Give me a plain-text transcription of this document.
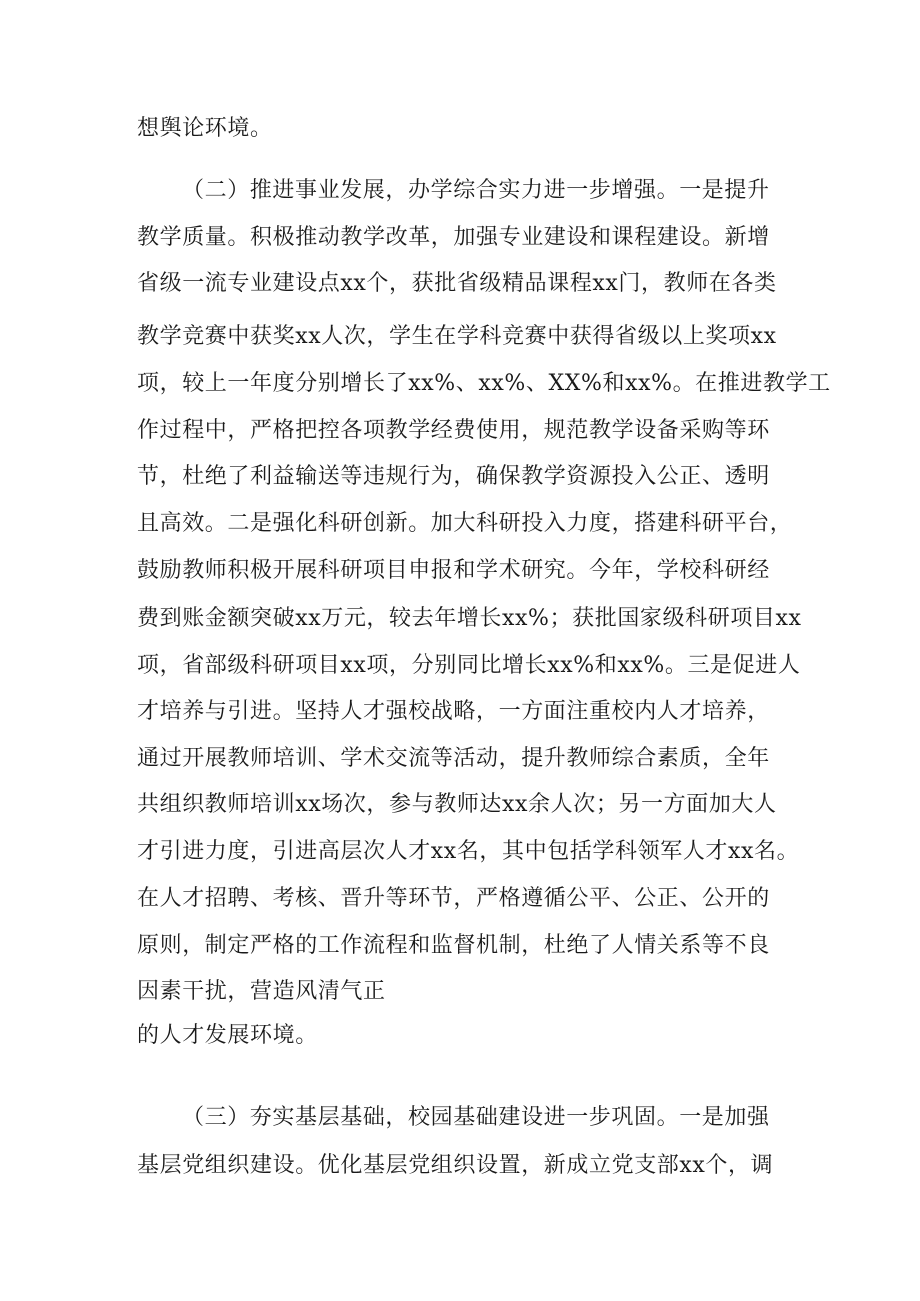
想舆论环境。
（二）推进事业发展，办学综合实力进一步增强。一是提升
教学质量。积极推动教学改革，加强专业建设和课程建设。新增
省级一流专业建设点xx个，获批省级精品课程xx门，教师在各类
教学竞赛中获奖xx人次，学生在学科竞赛中获得省级以上奖项xx
项，较上一年度分别增长了xx%、xx%、XX%和xx%。在推进教学工
作过程中，严格把控各项教学经费使用，规范教学设备采购等环
节，杜绝了利益输送等违规行为，确保教学资源投入公正、透明
且高效。二是强化科研创新。加大科研投入力度，搭建科研平台，
鼓励教师积极开展科研项目申报和学术研究。今年，学校科研经
费到账金额突破xx万元，较去年增长xx%；获批国家级科研项目xx
项，省部级科研项目xx项，分别同比增长xx%和xx%。三是促进人
才培养与引进。坚持人才强校战略，一方面注重校内人才培养，
通过开展教师培训、学术交流等活动，提升教师综合素质，全年
共组织教师培训xx场次，参与教师达xx余人次；另一方面加大人
才引进力度，引进高层次人才xx名，其中包括学科领军人才xx名。
在人才招聘、考核、晋升等环节，严格遵循公平、公正、公开的
原则，制定严格的工作流程和监督机制，杜绝了人情关系等不良
因素干扰，营造风清气正
的人才发展环境。
（三）夯实基层基础，校园基础建设进一步巩固。一是加强
基层党组织建设。优化基层党组织设置，新成立党支部xx个，调
